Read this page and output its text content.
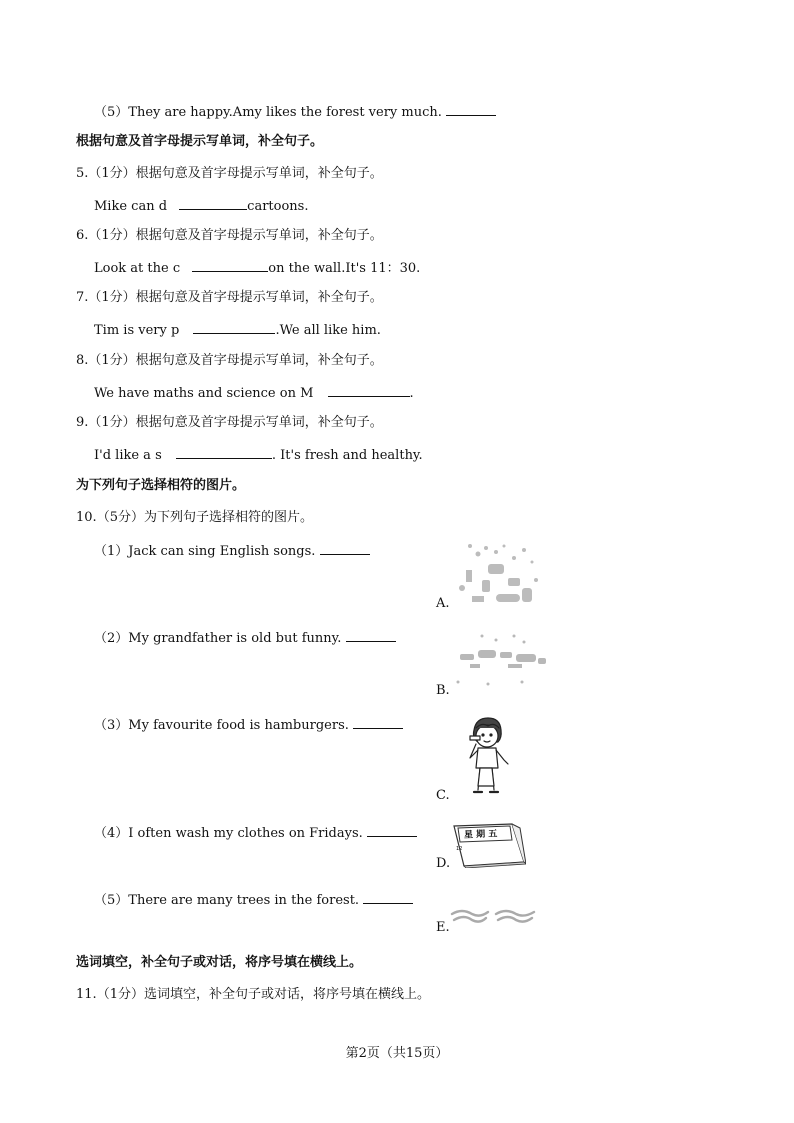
（5）They are happy.Amy likes the forest very much.
根据句意及首字母提示写单词，补全句子。
5.（1分）根据句意及首字母提示写单词，补全句子。
Mike can d	cartoons.
6.（1分）根据句意及首字母提示写单词，补全句子。
Look at the c	on the wall.It's 11：30.
7.（1分）根据句意及首字母提示写单词，补全句子。
Tim is very p	.We all like him.
8.（1分）根据句意及首字母提示写单词，补全句子。
We have maths and science on M	.
9.（1分）根据句意及首字母提示写单词，补全句子。
I'd like a s	. It's fresh and healthy.
为下列句子选择相符的图片。
10.（5分）为下列句子选择相符的图片。
（1）Jack can sing English songs.
（2）My grandfather is old but funny.
（3）My favourite food is hamburgers.
（4）I often wash my clothes on Fridays.
（5）There are many trees in the forest.
A.
B.
C.
D.
星 期 五
12
E.
选词填空，补全句子或对话，将序号填在横线上。
11.（1分）选词填空，补全句子或对话，将序号填在横线上。
第2页（共15页）
